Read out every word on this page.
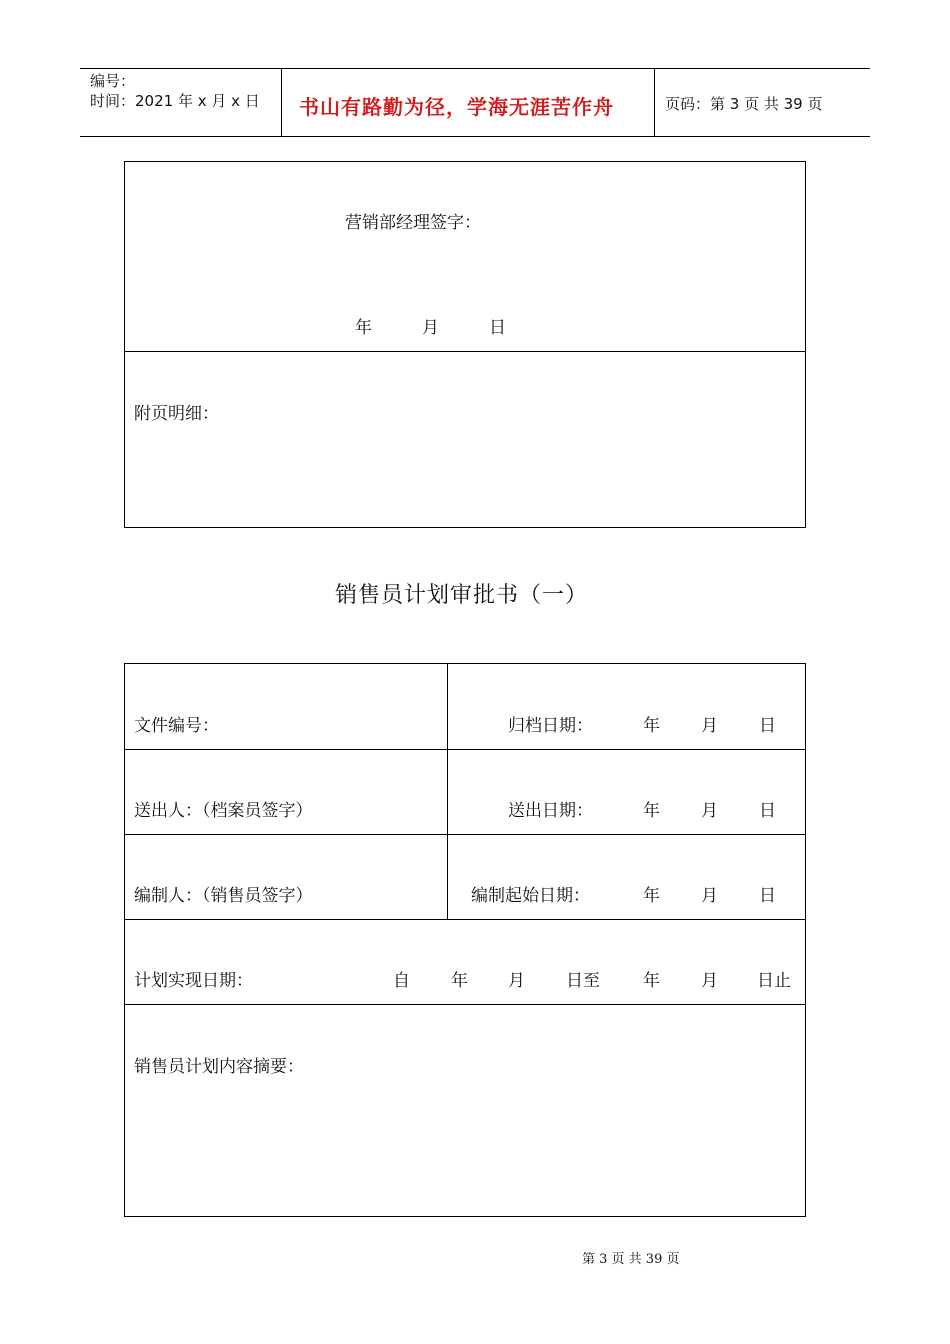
编号：
时间：2021 年 x 月 x 日 书山有路勤为径，学海无涯苦作舟	页码：第 3 页 共 39 页
营销部经理签字：
年	月	日
附页明细：
销售员计划审批书（一）
文件编号：	归档日期：	年 月 日
送出人：（档案员签字）	送出日期：	年 月 日
编制人：（销售员签字）	编制起始日期：	年 月 日
计划实现日期：	自 年 月 日至	年 月 日止
销售员计划内容摘要：
第 3 页 共 39 页
